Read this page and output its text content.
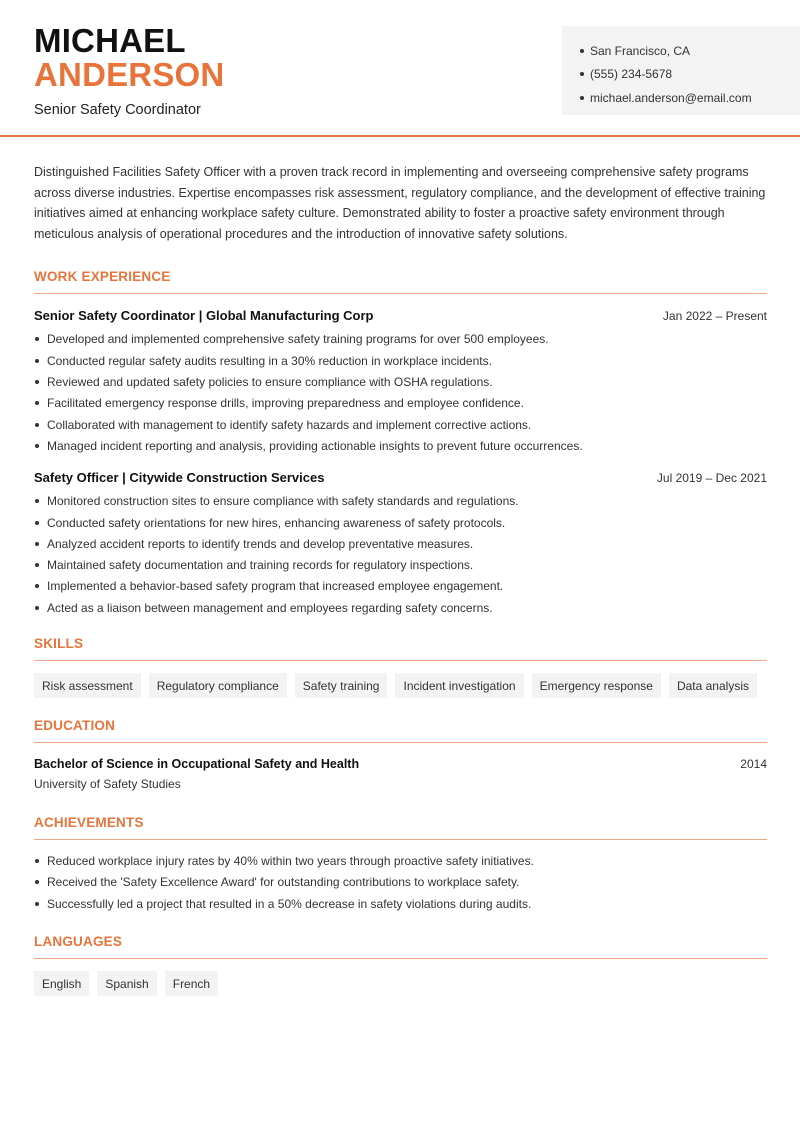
MICHAEL
ANDERSON
Senior Safety Coordinator
San Francisco, CA
(555) 234-5678
michael.anderson@email.com

Distinguished Facilities Safety Officer with a proven track record in implementing and overseeing comprehensive safety programs across diverse industries. Expertise encompasses risk assessment, regulatory compliance, and the development of effective training initiatives aimed at enhancing workplace safety culture. Demonstrated ability to foster a proactive safety environment through meticulous analysis of operational procedures and the introduction of innovative safety solutions.

WORK EXPERIENCE
Senior Safety Coordinator | Global Manufacturing Corp	Jan 2022 – Present
Developed and implemented comprehensive safety training programs for over 500 employees.
Conducted regular safety audits resulting in a 30% reduction in workplace incidents.
Reviewed and updated safety policies to ensure compliance with OSHA regulations.
Facilitated emergency response drills, improving preparedness and employee confidence.
Collaborated with management to identify safety hazards and implement corrective actions.
Managed incident reporting and analysis, providing actionable insights to prevent future occurrences.
Safety Officer | Citywide Construction Services	Jul 2019 – Dec 2021
Monitored construction sites to ensure compliance with safety standards and regulations.
Conducted safety orientations for new hires, enhancing awareness of safety protocols.
Analyzed accident reports to identify trends and develop preventative measures.
Maintained safety documentation and training records for regulatory inspections.
Implemented a behavior-based safety program that increased employee engagement.
Acted as a liaison between management and employees regarding safety concerns.
SKILLS
Risk assessment	Regulatory compliance	Safety training	Incident investigation	Emergency response	Data analysis
EDUCATION
Bachelor of Science in Occupational Safety and Health	2014
University of Safety Studies
ACHIEVEMENTS
Reduced workplace injury rates by 40% within two years through proactive safety initiatives.
Received the 'Safety Excellence Award' for outstanding contributions to workplace safety.
Successfully led a project that resulted in a 50% decrease in safety violations during audits.
LANGUAGES
English	Spanish	French
